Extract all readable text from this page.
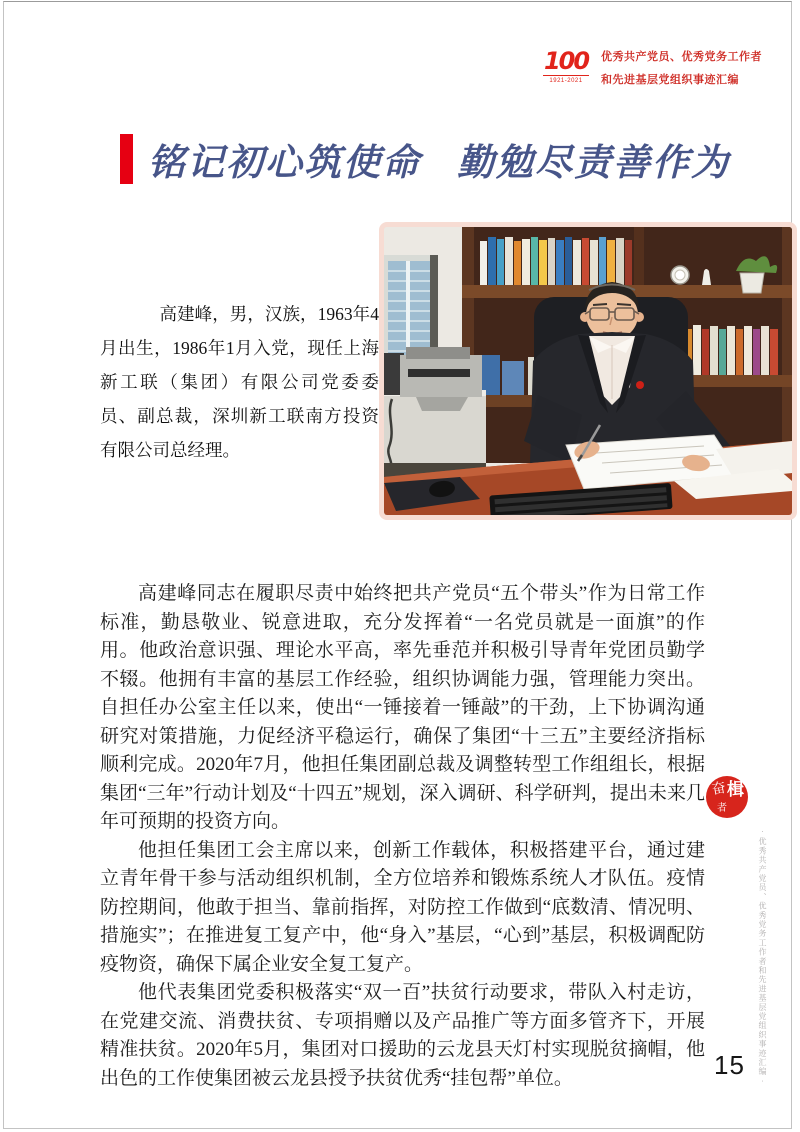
100
1921-2021
优秀共产党员、优秀党务工作者
和先进基层党组织事迹汇编
铭记初心筑使命 勤勉尽责善作为

高建峰，男，汉族，1963年4月出生，1986年1月入党，现任上海新工联（集团）有限公司党委委员、副总裁，深圳新工联南方投资有限公司总经理。

高建峰同志在履职尽责中始终把共产党员“五个带头”作为日常工作标准，勤恳敬业、锐意进取，充分发挥着“一名党员就是一面旗”的作用。他政治意识强、理论水平高，率先垂范并积极引导青年党团员勤学不辍。他拥有丰富的基层工作经验，组织协调能力强，管理能力突出。自担任办公室主任以来，使出“一锤接着一锤敲”的干劲，上下协调沟通研究对策措施，力促经济平稳运行，确保了集团“十三五”主要经济指标顺利完成。2020年7月，他担任集团副总裁及调整转型工作组组长，根据集团“三年”行动计划及“十四五”规划，深入调研、科学研判，提出未来几年可预期的投资方向。

他担任集团工会主席以来，创新工作载体，积极搭建平台，通过建立青年骨干参与活动组织机制，全方位培养和锻炼系统人才队伍。疫情防控期间，他敢于担当、靠前指挥，对防控工作做到“底数清、情况明、措施实”；在推进复工复产中，他“身入”基层，“心到”基层，积极调配防疫物资，确保下属企业安全复工复产。

他代表集团党委积极落实“双一百”扶贫行动要求，带队入村走访，在党建交流、消费扶贫、专项捐赠以及产品推广等方面多管齐下，开展精准扶贫。2020年5月，集团对口援助的云龙县天灯村实现脱贫摘帽，他出色的工作使集团被云龙县授予扶贫优秀“挂包帮”单位。

奋 楫
者
·优秀共产党员、优秀党务工作者和先进基层党组织事迹汇编·
15
